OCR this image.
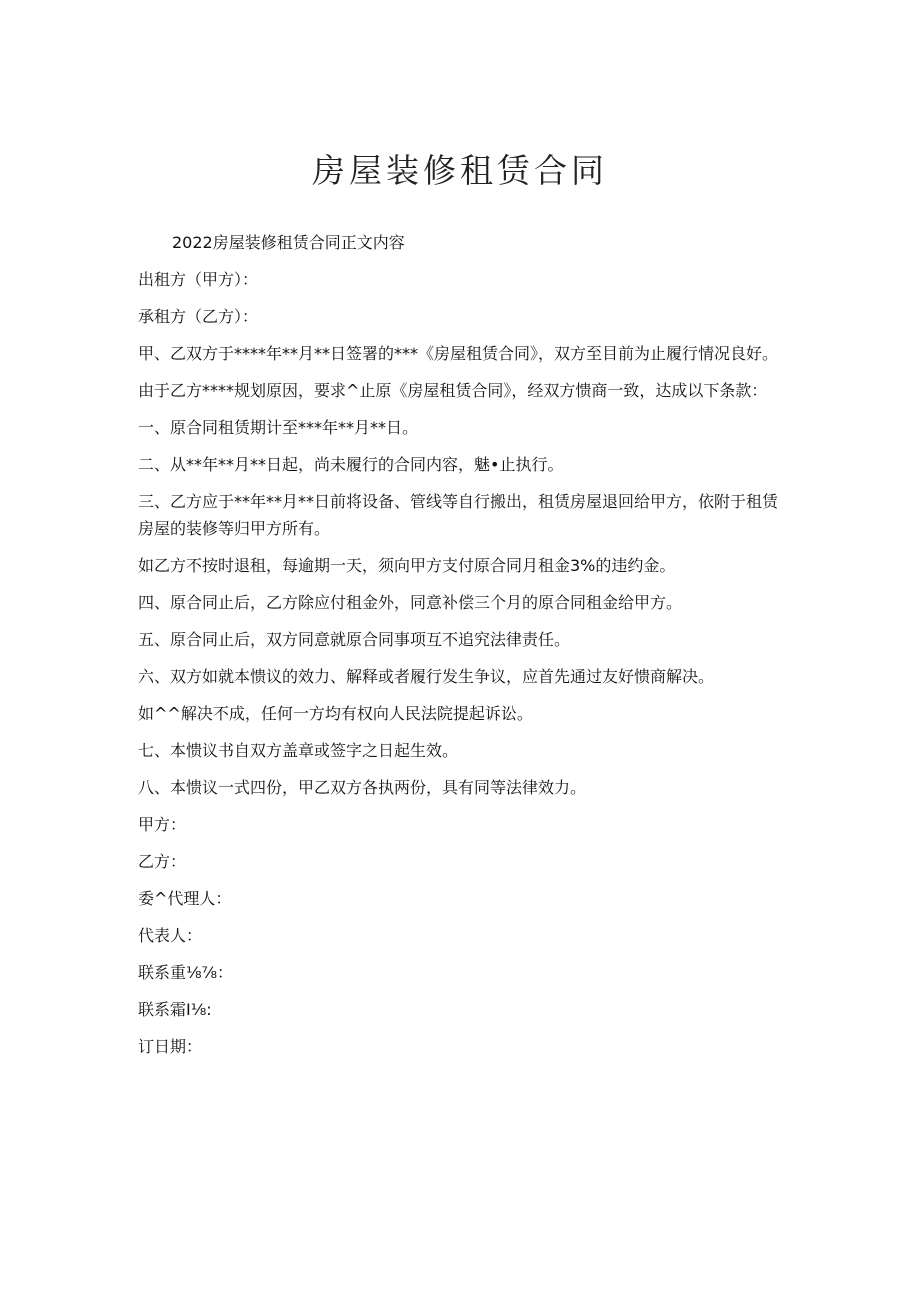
房屋装修租赁合同

2022房屋装修租赁合同正文内容

出租方（甲方）：

承租方（乙方）：

甲、乙双方于****年**月**日签署的***《房屋租赁合同》，双方至目前为止履行情况良好。

由于乙方****规划原因，要求^止原《房屋租赁合同》，经双方愦商一致，达成以下条款：

一、原合同租赁期计至***年**月**日。

二、从**年**月**日起，尚未履行的合同内容，魅•止执行。

三、乙方应于**年**月**日前将设备、管线等自行搬出，租赁房屋退回给甲方，依附于租赁房屋的装修等归甲方所有。

如乙方不按时退租，每逾期一天，须向甲方支付原合同月租金3%的违约金。

四、原合同止后，乙方除应付租金外，同意补偿三个月的原合同租金给甲方。

五、原合同止后，双方同意就原合同事项互不追究法律责任。

六、双方如就本愦议的效力、解释或者履行发生争议，应首先通过友好愦商解决。

如^^解决不成，任何一方均有权向人民法院提起诉讼。

七、本愦议书自双方盖章或签字之日起生效。

八、本愦议一式四份，甲乙双方各执两份，具有同等法律效力。

甲方：

乙方：

委^代理人：

代表人：

联系重⅛⅞：

联系霜I⅛:

订日期：
